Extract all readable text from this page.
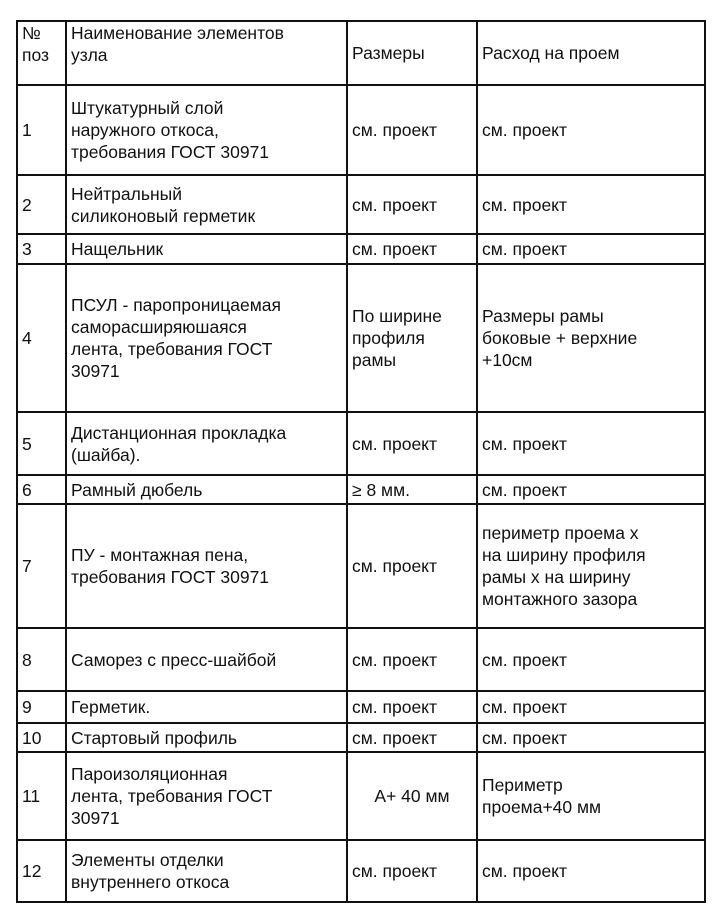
№
поз	Наименование элементов
узла	Размеры	Расход на проем
1	Штукатурный слой
наружного откоса,
требования ГОСТ 30971	см. проект	см. проект
2	Нейтральный
силиконовый герметик	см. проект	см. проект
3	Нащельник	см. проект	см. проект
4	ПСУЛ - паропроницаемая
саморасширяюшаяся
лента, требования ГОСТ
30971	По ширине
профиля
рамы	Размеры рамы
боковые + верхние
+10см
5	Дистанционная прокладка
(шайба).	см. проект	см. проект
6	Рамный дюбель	≥ 8 мм.	см. проект
7	ПУ - монтажная пена,
требования ГОСТ 30971	см. проект	периметр проема х
на ширину профиля
рамы х на ширину
монтажного зазора
8	Саморез с пресс-шайбой	см. проект	см. проект
9	Герметик.	см. проект	см. проект
10	Стартовый профиль	см. проект	см. проект
11	Пароизоляционная
лента, требования ГОСТ
30971	А+ 40 мм	Периметр
проема+40 мм
12	Элементы отделки
внутреннего откоса	см. проект	см. проект
